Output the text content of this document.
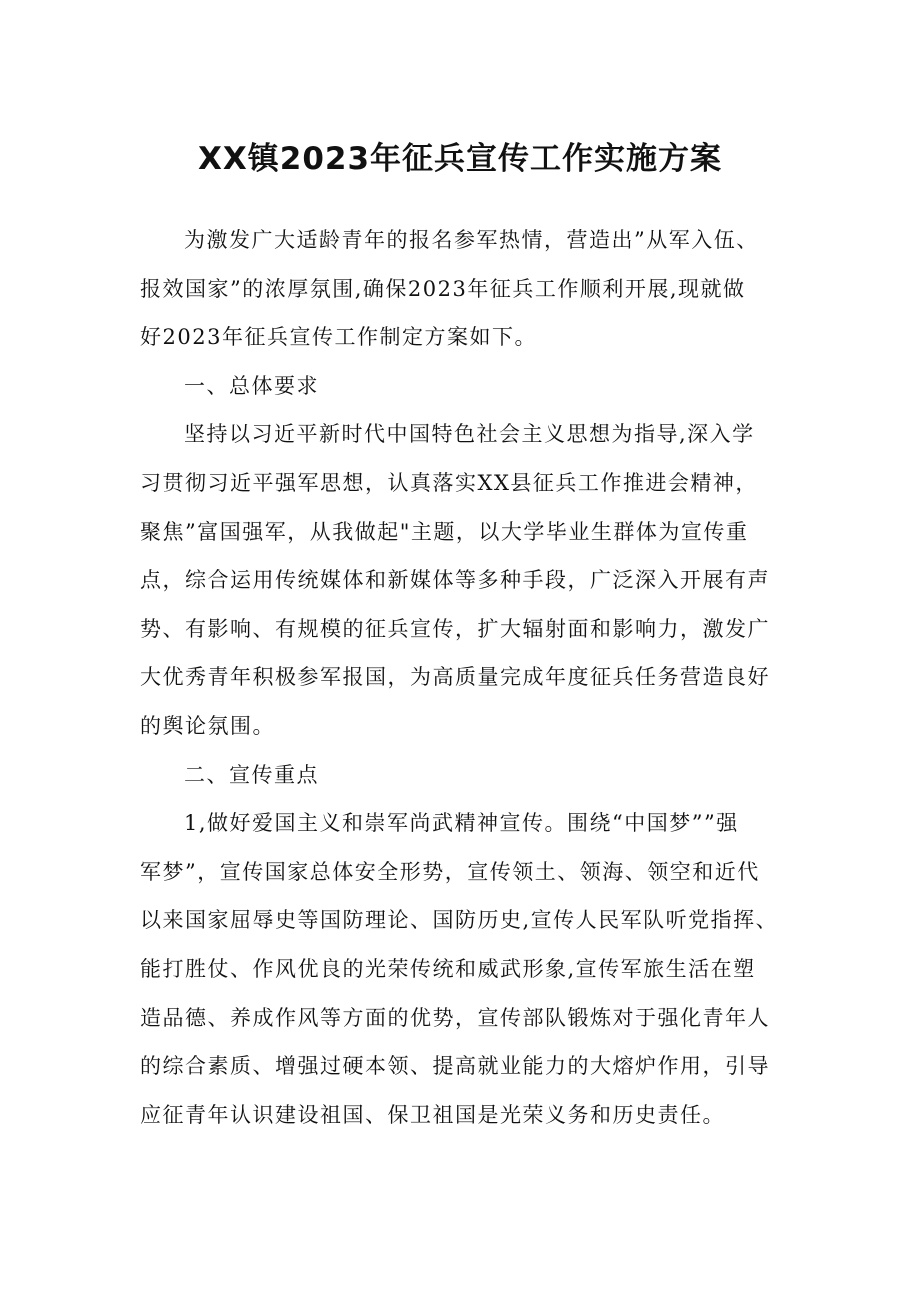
XX镇2023年征兵宣传工作实施方案
为激发广大适龄青年的报名参军热情，营造出”从军入伍、
报效国家”的浓厚氛围,确保2023年征兵工作顺利开展,现就做
好2023年征兵宣传工作制定方案如下。
一、总体要求
坚持以习近平新时代中国特色社会主义思想为指导,深入学
习贯彻习近平强军思想，认真落实XX县征兵工作推进会精神，
聚焦”富国强军，从我做起"主题，以大学毕业生群体为宣传重
点，综合运用传统媒体和新媒体等多种手段，广泛深入开展有声
势、有影响、有规模的征兵宣传，扩大辐射面和影响力，激发广
大优秀青年积极参军报国，为高质量完成年度征兵任务营造良好
的舆论氛围。
二、宣传重点
1,做好爱国主义和崇军尚武精神宣传。围绕“中国梦””强
军梦”，宣传国家总体安全形势，宣传领土、领海、领空和近代
以来国家屈辱史等国防理论、国防历史,宣传人民军队听党指挥、
能打胜仗、作风优良的光荣传统和威武形象,宣传军旅生活在塑
造品德、养成作风等方面的优势，宣传部队锻炼对于强化青年人
的综合素质、增强过硬本领、提高就业能力的大熔炉作用，引导
应征青年认识建设祖国、保卫祖国是光荣义务和历史责任。
